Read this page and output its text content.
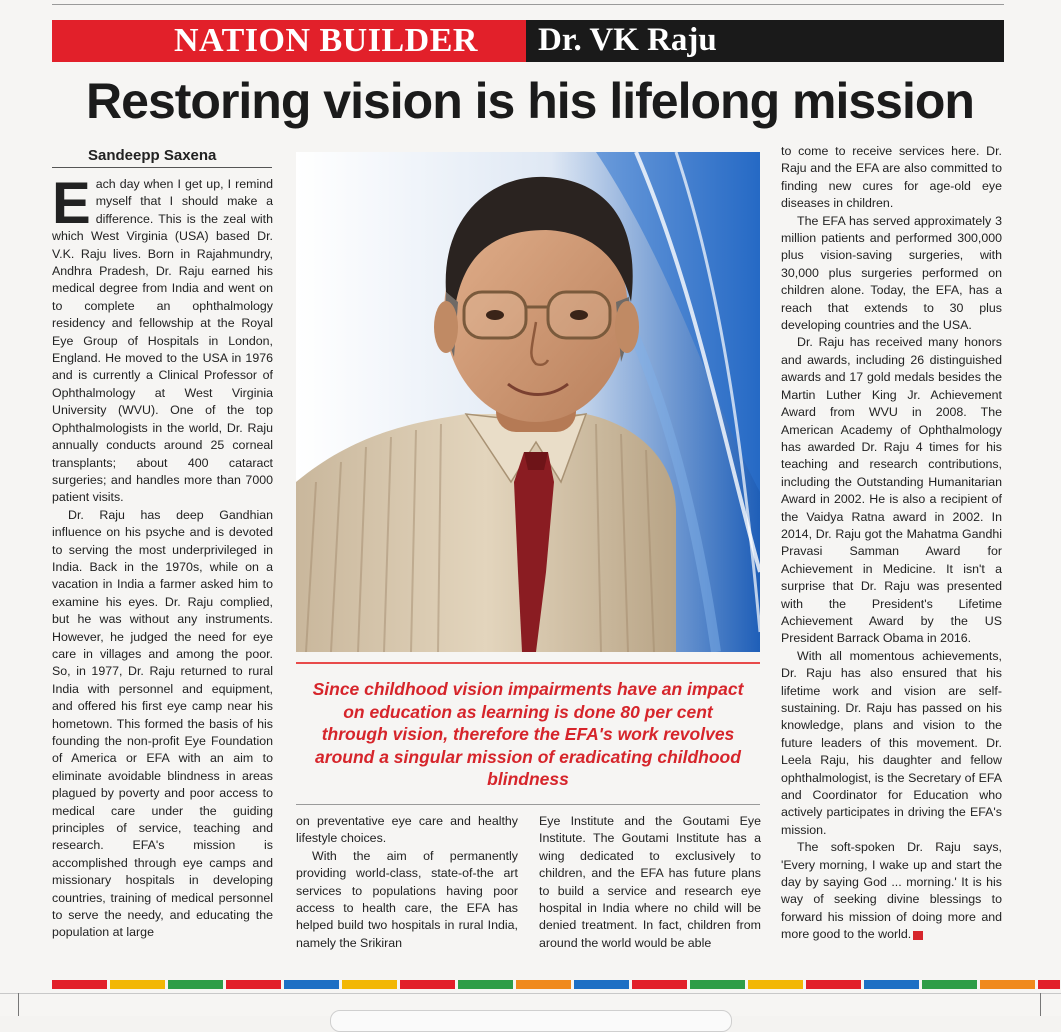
NATION BUILDER Dr. VK Raju
Restoring vision is his lifelong mission
Sandeepp Saxena

Each day when I get up, I remind myself that I should make a difference. This is the zeal with which West Virginia (USA) based Dr. V.K. Raju lives. Born in Rajahmundry, Andhra Pradesh, Dr. Raju earned his medical degree from India and went on to complete an ophthalmology residency and fellowship at the Royal Eye Group of Hospitals in London, England. He moved to the USA in 1976 and is currently a Clinical Professor of Ophthalmology at West Virginia University (WVU). One of the top Ophthalmologists in the world, Dr. Raju annually conducts around 25 corneal transplants; about 400 cataract surgeries; and handles more than 7000 patient visits.

Dr. Raju has deep Gandhian influence on his psyche and is devoted to serving the most underprivileged in India. Back in the 1970s, while on a vacation in India a farmer asked him to examine his eyes. Dr. Raju complied, but he was without any instruments. However, he judged the need for eye care in villages and among the poor. So, in 1977, Dr. Raju returned to rural India with personnel and equipment, and offered his first eye camp near his hometown. This formed the basis of his founding the non-profit Eye Foundation of America or EFA with an aim to eliminate avoidable blindness in areas plagued by poverty and poor access to medical care under the guiding principles of service, teaching and research. EFA's mission is accomplished through eye camps and missionary hospitals in developing countries, training of medical personnel to serve the needy, and educating the population at large

Since childhood vision impairments have an impact on education as learning is done 80 per cent through vision, therefore the EFA's work revolves around a singular mission of eradicating childhood blindness

on preventative eye care and healthy lifestyle choices.

With the aim of permanently providing world-class, state-of-the art services to populations having poor access to health care, the EFA has helped build two hospitals in rural India, namely the Srikiran

Eye Institute and the Goutami Eye Institute. The Goutami Institute has a wing dedicated to exclusively to children, and the EFA has future plans to build a service and research eye hospital in India where no child will be denied treatment. In fact, children from around the world would be able

to come to receive services here. Dr. Raju and the EFA are also committed to finding new cures for age-old eye diseases in children.

The EFA has served approximately 3 million patients and performed 300,000 plus vision-saving surgeries, with 30,000 plus surgeries performed on children alone. Today, the EFA, has a reach that extends to 30 plus developing countries and the USA.

Dr. Raju has received many honors and awards, including 26 distinguished awards and 17 gold medals besides the Martin Luther King Jr. Achievement Award from WVU in 2008. The American Academy of Ophthalmology has awarded Dr. Raju 4 times for his teaching and research contributions, including the Outstanding Humanitarian Award in 2002. He is also a recipient of the Vaidya Ratna award in 2002. In 2014, Dr. Raju got the Mahatma Gandhi Pravasi Samman Award for Achievement in Medicine. It isn't a surprise that Dr. Raju was presented with the President's Lifetime Achievement Award by the US President Barrack Obama in 2016.

With all momentous achievements, Dr. Raju has also ensured that his lifetime work and vision are self-sustaining. Dr. Raju has passed on his knowledge, plans and vision to the future leaders of this movement. Dr. Leela Raju, his daughter and fellow ophthalmologist, is the Secretary of EFA and Coordinator for Education who actively participates in driving the EFA's mission.

The soft-spoken Dr. Raju says, 'Every morning, I wake up and start the day by saying God ... morning.' It is his way of seeking divine blessings to forward his mission of doing more and more good to the world.
